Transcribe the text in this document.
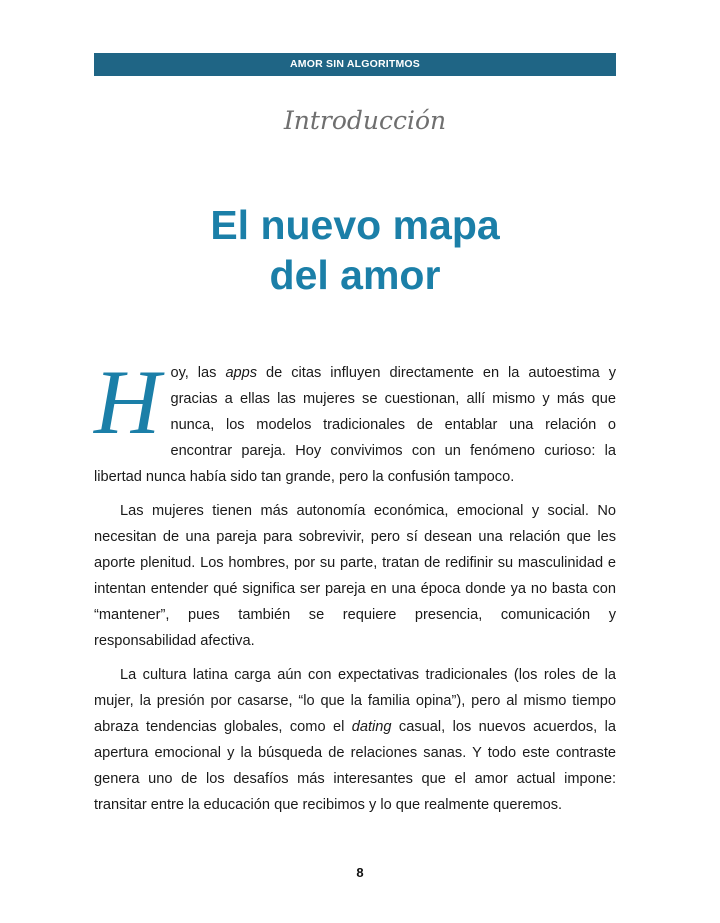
AMOR SIN ALGORITMOS
Introducción
El nuevo mapa
del amor

Hoy, las apps de citas influyen directamente en la autoestima y gracias a ellas las mujeres se cuestionan, allí mismo y más que nunca, los modelos tradicionales de entablar una relación o encontrar pareja. Hoy convivimos con un fenómeno curioso: la libertad nunca había sido tan grande, pero la confusión tampoco.

Las mujeres tienen más autonomía económica, emocional y social. No necesitan de una pareja para sobrevivir, pero sí desean una relación que les aporte plenitud. Los hombres, por su parte, tratan de redifinir su masculinidad e intentan entender qué significa ser pareja en una época donde ya no basta con “mantener”, pues también se requiere presencia, comunicación y responsabilidad afectiva.

La cultura latina carga aún con expectativas tradicionales (los roles de la mujer, la presión por casarse, “lo que la familia opina”), pero al mismo tiempo abraza tendencias globales, como el dating casual, los nuevos acuerdos, la apertura emocional y la búsqueda de relaciones sanas. Y todo este contraste genera uno de los desafíos más interesantes que el amor actual impone: transitar entre la educación que recibimos y lo que realmente queremos.

8
